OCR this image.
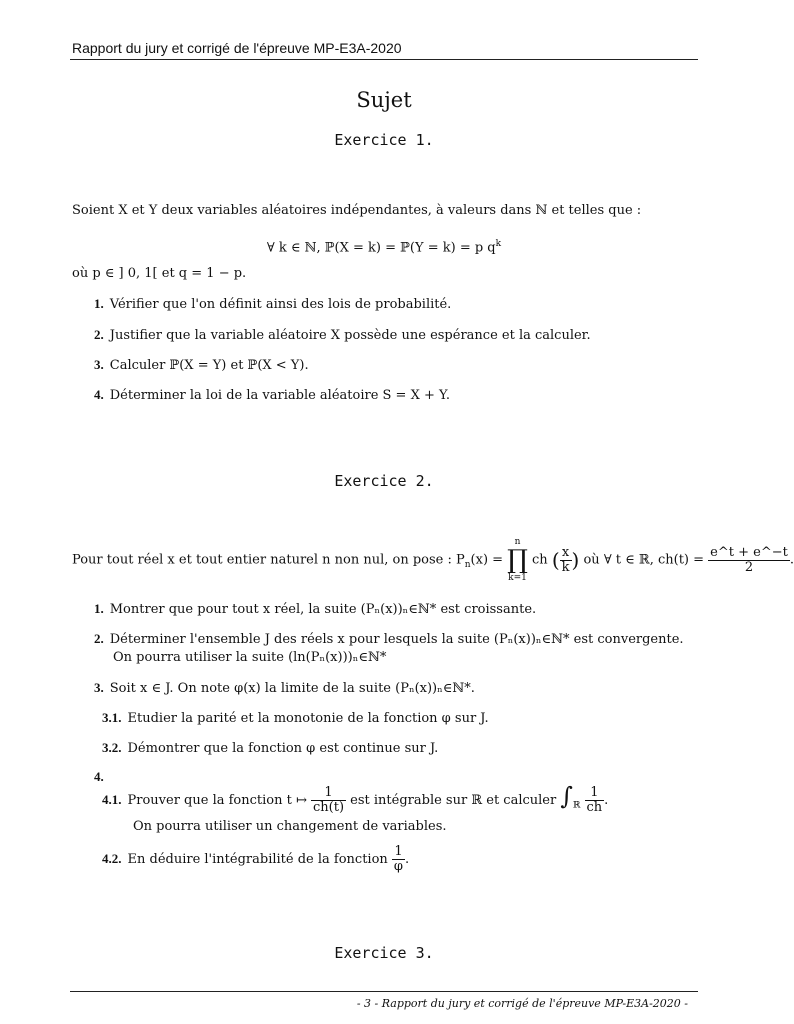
Rapport du jury et corrigé de l'épreuve MP-E3A-2020
Sujet
Exercice 1.
Soient X et Y deux variables aléatoires indépendantes, à valeurs dans ℕ et telles que :
∀ k ∈ ℕ, ℙ(X = k) = ℙ(Y = k) = p $q^k$
où p ∈ ] 0, 1[ et q = 1 − p.
1. Vérifier que l'on définit ainsi des lois de probabilité.
2. Justifier que la variable aléatoire X possède une espérance et la calculer.
3. Calculer ℙ(X = Y) et ℙ(X < Y).
4. Déterminer la loi de la variable aléatoire S = X + Y.
Exercice 2.
Pour tout réel x et tout entier naturel n non nul, on pose : $P_n(x)$ =
n
∏
k=1
ch ( $\frac{x}{k}$ ) où ∀ t ∈ ℝ, $ch(t) = \frac{e\^{}t + e\^{}-t}{2}$ .
1. Montrer que pour tout x réel, la suite (Pₙ(x))ₙ∈ℕ* est croissante.
2. Déterminer l'ensemble J des réels x pour lesquels la suite (Pₙ(x))ₙ∈ℕ* est convergente.
On pourra utiliser la suite (ln(Pₙ(x)))ₙ∈ℕ*
3. Soit x ∈ J. On note φ(x) la limite de la suite (Pₙ(x))ₙ∈ℕ*.
3.1. Etudier la parité et la monotonie de la fonction φ sur J.
3.2. Démontrer que la fonction φ est continue sur J.
4.
4.1. Prouver que la fonction t ↦ $\frac{1}{ch(t)}$ est intégrable sur ℝ et calculer $\int_ℝ \frac{1}{ch}$ .
On pourra utiliser un changement de variables.
4.2. En déduire l'intégrabilité de la fonction $\frac{1}{\varphi}$ .
Exercice 3.
- 3 - Rapport du jury et corrigé de l'épreuve MP-E3A-2020 -
